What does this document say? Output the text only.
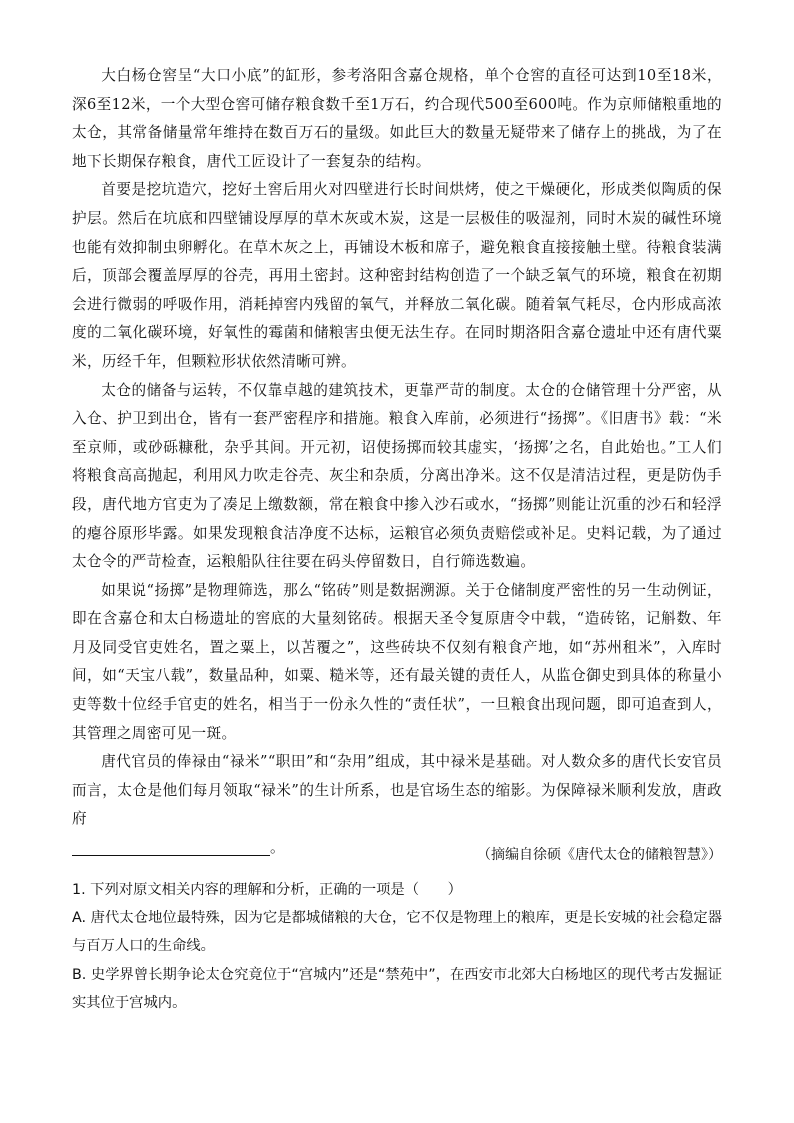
大白杨仓窖呈“大口小底”的缸形，参考洛阳含嘉仓规格，单个仓窖的直径可达到10至18米，深6至12米，一个大型仓窖可储存粮食数千至1万石，约合现代500至600吨。作为京师储粮重地的太仓，其常备储量常年维持在数百万石的量级。如此巨大的数量无疑带来了储存上的挑战，为了在地下长期保存粮食，唐代工匠设计了一套复杂的结构。

首要是挖坑造穴，挖好土窖后用火对四壁进行长时间烘烤，使之干燥硬化，形成类似陶质的保护层。然后在坑底和四壁铺设厚厚的草木灰或木炭，这是一层极佳的吸湿剂，同时木炭的碱性环境也能有效抑制虫卵孵化。在草木灰之上，再铺设木板和席子，避免粮食直接接触土壁。待粮食装满后，顶部会覆盖厚厚的谷壳，再用土密封。这种密封结构创造了一个缺乏氧气的环境，粮食在初期会进行微弱的呼吸作用，消耗掉窖内残留的氧气，并释放二氧化碳。随着氧气耗尽，仓内形成高浓度的二氧化碳环境，好氧性的霉菌和储粮害虫便无法生存。在同时期洛阳含嘉仓遗址中还有唐代粟米，历经千年，但颗粒形状依然清晰可辨。

太仓的储备与运转，不仅靠卓越的建筑技术，更靠严苛的制度。太仓的仓储管理十分严密，从入仓、护卫到出仓，皆有一套严密程序和措施。粮食入库前，必须进行“扬掷”。《旧唐书》载：“米至京师，或砂砾糠秕，杂乎其间。开元初，诏使扬掷而较其虚实，‘扬掷’之名，自此始也。”工人们将粮食高高抛起，利用风力吹走谷壳、灰尘和杂质，分离出净米。这不仅是清洁过程，更是防伪手段，唐代地方官吏为了凑足上缴数额，常在粮食中掺入沙石或水，“扬掷”则能让沉重的沙石和轻浮的瘪谷原形毕露。如果发现粮食洁净度不达标，运粮官必须负责赔偿或补足。史料记载，为了通过太仓令的严苛检查，运粮船队往往要在码头停留数日，自行筛选数遍。

如果说“扬掷”是物理筛选，那么“铭砖”则是数据溯源。关于仓储制度严密性的另一生动例证，即在含嘉仓和太白杨遗址的窖底的大量刻铭砖。根据天圣令复原唐令中载，“造砖铭，记斛数、年月及同受官吏姓名，置之粟上，以苫覆之”，这些砖块不仅刻有粮食产地，如“苏州租米”，入库时间，如“天宝八载”，数量品种，如粟、糙米等，还有最关键的责任人，从监仓御史到具体的称量小吏等数十位经手官吏的姓名，相当于一份永久性的“责任状”，一旦粮食出现问题，即可追查到人，其管理之周密可见一斑。

唐代官员的俸禄由“禄米”“职田”和“杂用”组成，其中禄米是基础。对人数众多的唐代长安官员而言，太仓是他们每月领取“禄米”的生计所系，也是官场生态的缩影。为保障禄米顺利发放，唐政府

。	（摘编自徐硕《唐代太仓的储粮智慧》）

1. 下列对原文相关内容的理解和分析，正确的一项是（　　）

A. 唐代太仓地位最特殊，因为它是都城储粮的大仓，它不仅是物理上的粮库，更是长安城的社会稳定器与百万人口的生命线。

B. 史学界曾长期争论太仓究竟位于“宫城内”还是“禁苑中”，在西安市北郊大白杨地区的现代考古发掘证实其位于宫城内。
